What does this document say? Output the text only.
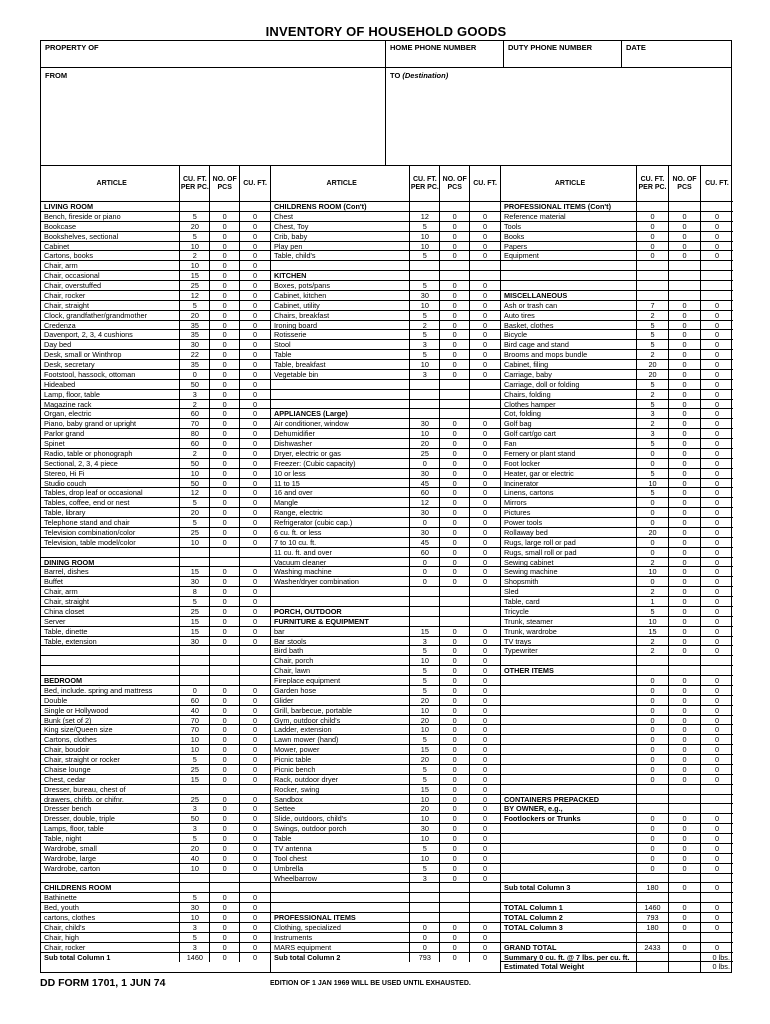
INVENTORY OF HOUSEHOLD GOODS
PROPERTY OF	HOME PHONE NUMBER	DUTY PHONE NUMBER	DATE
FROM	TO (Destination)
ARTICLE
CU. FT. PER PC.
NO. OF PCS
CU. FT.
LIVING ROOM
Bench, fireside or piano	5	0	0
Bookcase	20	0	0
Bookshelves, sectional	5	0	0
Cabinet	10	0	0
Cartons, books	2	0	0
Chair, arm	10	0	0
Chair, occasional	15	0	0
Chair, overstuffed	25	0	0
Chair, rocker	12	0	0
Chair, straight	5	0	0
Clock, grandfather/grandmother	20	0	0
Credenza	35	0	0
Davenport, 2, 3, 4 cushions	35	0	0
Day bed	30	0	0
Desk, small or Winthrop	22	0	0
Desk, secretary	35	0	0
Footstool, hassock, ottoman	0	0	0
Hideabed	50	0	0
Lamp, floor, table	3	0	0
Magazine rack	2	0	0
Organ, electric	60	0	0
Piano, baby grand or upright	70	0	0
Parlor grand	80	0	0
Spinet	60	0	0
Radio, table or phonograph	2	0	0
Sectional, 2, 3, 4 piece	50	0	0
Stereo, Hi Fi	10	0	0
Studio couch	50	0	0
Tables, drop leaf or occasional	12	0	0
Tables, coffee, end or nest	5	0	0
Table, library	20	0	0
Telephone stand and chair	5	0	0
Television combination/color	25	0	0
Television, table model/color	10	0	0
DINING ROOM
Barrel, dishes	15	0	0
Buffet	30	0	0
Chair, arm	8	0	0
Chair, straight	5	0	0
China closet	25	0	0
Server	15	0	0
Table, dinette	15	0	0
Table, extension	30	0	0
BEDROOM
Bed, include. spring and mattress	0	0	0
Double	60	0	0
Single or Hollywood	40	0	0
Bunk (set of 2)	70	0	0
King size/Queen size	70	0	0
Cartons, clothes	10	0	0
Chair, boudoir	10	0	0
Chair, straight or rocker	5	0	0
Chaise lounge	25	0	0
Chest, cedar	15	0	0
Dresser, bureau, chest of
drawers, chifrb. or chifnr.	25	0	0
Dresser bench	3	0	0
Dresser, double, triple	50	0	0
Lamps, floor, table	3	0	0
Table, night	5	0	0
Wardrobe, small	20	0	0
Wardrobe, large	40	0	0
Wardrobe, carton	10	0	0
CHILDRENS ROOM
Bathinette	5	0	0
Bed, youth	30	0	0
cartons, clothes	10	0	0
Chair, child's	3	0	0
Chair, high	5	0	0
Chair, rocker	3	0	0
Sub total Column 1	1460	0	0
ARTICLE
CU. FT. PER PC.
NO. OF PCS
CU. FT.
CHILDRENS ROOM (Con't)
Chest	12	0	0
Chest, Toy	5	0	0
Crib, baby	10	0	0
Play pen	10	0	0
Table, child's	5	0	0
KITCHEN
Boxes, pots/pans	5	0	0
Cabinet, kitchen	30	0	0
Cabinet, utility	10	0	0
Chairs, breakfast	5	0	0
Ironing board	2	0	0
Rotisserie	5	0	0
Stool	3	0	0
Table	5	0	0
Table, breakfast	10	0	0
Vegetable bin	3	0	0
APPLIANCES (Large)
Air conditioner, window	30	0	0
Dehumidifier	10	0	0
Dishwasher	20	0	0
Dryer, electric or gas	25	0	0
Freezer: (Cubic capacity)	0	0	0
10 or less	30	0	0
11 to 15	45	0	0
16 and over	60	0	0
Mangle	12	0	0
Range, electric	30	0	0
Refrigerator (cubic cap.)	0	0	0
6 cu. ft. or less	30	0	0
7 to 10 cu. ft.	45	0	0
11 cu. ft. and over	60	0	0
Vacuum cleaner	0	0	0
Washing machine	0	0	0
Washer/dryer combination	0	0	0
PORCH, OUTDOOR
FURNITURE & EQUIPMENT
bar	15	0	0
Bar stools	3	0	0
Bird bath	5	0	0
Chair, porch	10	0	0
Chair, lawn	5	0	0
Fireplace equipment	5	0	0
Garden hose	5	0	0
Glider	20	0	0
Grill, barbecue, portable	10	0	0
Gym, outdoor child's	20	0	0
Ladder, extension	10	0	0
Lawn mower (hand)	5	0	0
Mower, power	15	0	0
Picnic table	20	0	0
Picnic bench	5	0	0
Rack, outdoor dryer	5	0	0
Rocker, swing	15	0	0
Sandbox	10	0	0
Settee	20	0	0
Slide, outdoors, child's	10	0	0
Swings, outdoor porch	30	0	0
Table	10	0	0
TV antenna	5	0	0
Tool chest	10	0	0
Umbrella	5	0	0
Wheelbarrow	3	0	0
PROFESSIONAL ITEMS
Clothing, specialized	0	0	0
Instruments	0	0	0
MARS equipment	0	0	0
Sub total Column 2	793	0	0
ARTICLE
CU. FT. PER PC.
NO. OF PCS
CU. FT.
PROFESSIONAL ITEMS (Con't)
Reference material	0	0	0
Tools	0	0	0
Books	0	0	0
Papers	0	0	0
Equipment	0	0	0
MISCELLANEOUS
Ash or trash can	7	0	0
Auto tires	2	0	0
Basket, clothes	5	0	0
Bicycle	5	0	0
Bird cage and stand	5	0	0
Brooms and mops bundle	2	0	0
Cabinet, filing	20	0	0
Carriage, baby	20	0	0
Carriage, doll or folding	5	0	0
Chairs, folding	2	0	0
Clothes hamper	5	0	0
Cot, folding	3	0	0
Golf bag	2	0	0
Golf cart/go cart	3	0	0
Fan	5	0	0
Fernery or plant stand	0	0	0
Foot locker	0	0	0
Heater, gar or electric	5	0	0
Incinerator	10	0	0
Linens, cartons	5	0	0
Mirrors	0	0	0
Pictures	0	0	0
Power tools	0	0	0
Rollaway bed	20	0	0
Rugs, large roll or pad	0	0	0
Rugs, small roll or pad	0	0	0
Sewing cabinet	2	0	0
Sewing machine	10	0	0
Shopsmith	0	0	0
Sled	2	0	0
Table, card	1	0	0
Tricycle	5	0	0
Trunk, steamer	10	0	0
Trunk, wardrobe	15	0	0
TV trays	2	0	0
Typewriter	2	0	0
OTHER ITEMS
0	0	0
0	0	0
0	0	0
0	0	0
0	0	0
0	0	0
0	0	0
0	0	0
0	0	0
0	0	0
0	0	0
CONTAINERS PREPACKED
BY OWNER, e.g.,
Footlockers or Trunks	0	0	0
0	0	0
0	0	0
0	0	0
0	0	0
0	0	0
Sub total Column 3	180	0	0
TOTAL Column 1	1460	0	0
TOTAL Column 2	793	0	0
TOTAL Column 3	180	0	0
GRAND TOTAL	2433	0	0
Summary 0 cu. ft. @ 7 lbs. per cu. ft.	0 lbs.
Estimated Total Weight	0 lbs.
DD FORM 1701, 1 JUN 74	EDITION OF 1 JAN 1969 WILL BE USED UNTIL EXHAUSTED.
